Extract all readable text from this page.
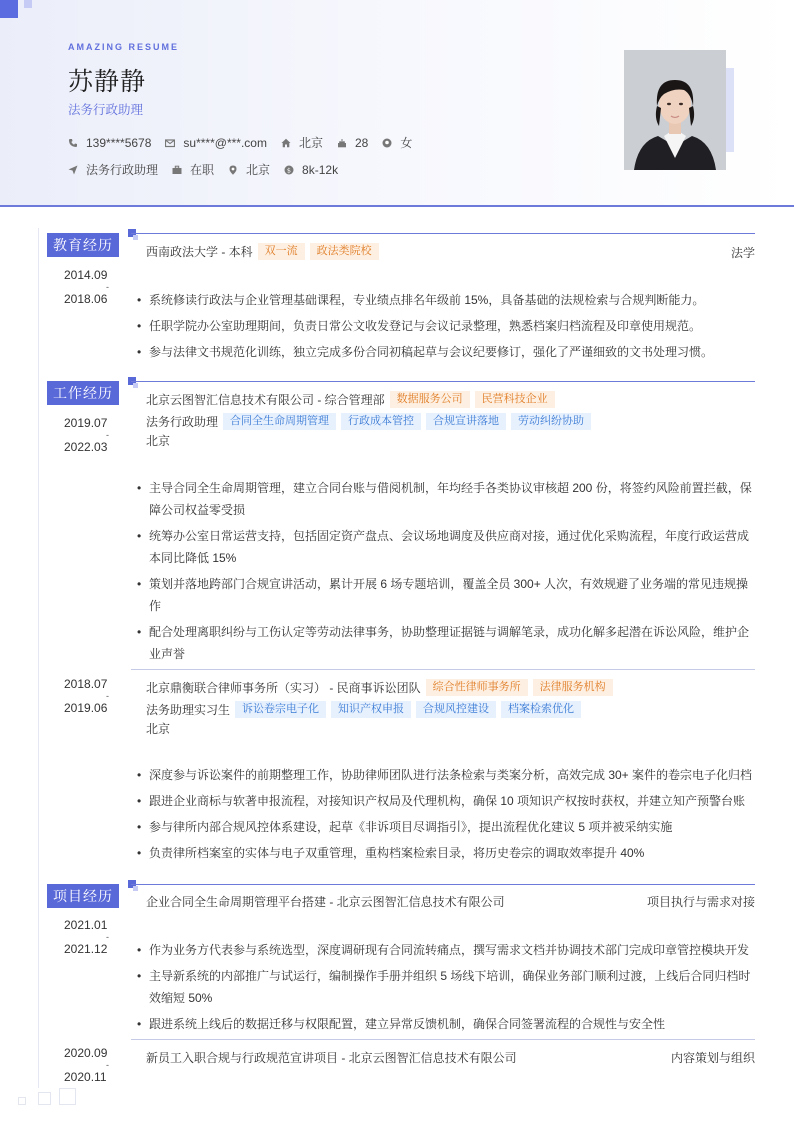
AMAZING RESUME
苏静静
法务行政助理
139****5678	su****@***.com	北京	28	女
法务行政助理	在职	北京	$ 8k-12k
教育经历
2014.09
-
2018.06
西南政法大学 - 本科	双一流	政法类院校	法学
• 系统修读行政法与企业管理基础课程，专业绩点排名年级前 15%，具备基础的法规检索与合规判断能力。
• 任职学院办公室助理期间，负责日常公文收发登记与会议记录整理，熟悉档案归档流程及印章使用规范。
• 参与法律文书规范化训练，独立完成多份合同初稿起草与会议纪要修订，强化了严谨细致的文书处理习惯。
工作经历
2019.07
-
2022.03
北京云图智汇信息技术有限公司 - 综合管理部	数据服务公司	民营科技企业
法务行政助理	合同全生命周期管理	行政成本管控	合规宣讲落地	劳动纠纷协助
北京
• 主导合同全生命周期管理，建立合同台账与借阅机制，年均经手各类协议审核超 200 份，将签约风险前置拦截，保障公司权益零受损
• 统筹办公室日常运营支持，包括固定资产盘点、会议场地调度及供应商对接，通过优化采购流程，年度行政运营成本同比降低 15%
• 策划并落地跨部门合规宣讲活动，累计开展 6 场专题培训，覆盖全员 300+ 人次，有效规避了业务端的常见违规操作
• 配合处理离职纠纷与工伤认定等劳动法律事务，协助整理证据链与调解笔录，成功化解多起潜在诉讼风险，维护企业声誉
2018.07
-
2019.06
北京鼎衡联合律师事务所（实习） - 民商事诉讼团队	综合性律师事务所	法律服务机构
法务助理实习生	诉讼卷宗电子化	知识产权申报	合规风控建设	档案检索优化
北京
• 深度参与诉讼案件的前期整理工作，协助律师团队进行法条检索与类案分析，高效完成 30+ 案件的卷宗电子化归档
• 跟进企业商标与软著申报流程，对接知识产权局及代理机构，确保 10 项知识产权按时获权，并建立知产预警台账
• 参与律所内部合规风控体系建设，起草《非诉项目尽调指引》，提出流程优化建议 5 项并被采纳实施
• 负责律所档案室的实体与电子双重管理，重构档案检索目录，将历史卷宗的调取效率提升 40%
项目经历
2021.01
-
2021.12
企业合同全生命周期管理平台搭建 - 北京云图智汇信息技术有限公司	项目执行与需求对接
• 作为业务方代表参与系统选型，深度调研现有合同流转痛点，撰写需求文档并协调技术部门完成印章管控模块开发
• 主导新系统的内部推广与试运行，编制操作手册并组织 5 场线下培训，确保业务部门顺利过渡，上线后合同归档时效缩短 50%
• 跟进系统上线后的数据迁移与权限配置，建立异常反馈机制，确保合同签署流程的合规性与安全性
2020.09
-
2020.11
新员工入职合规与行政规范宣讲项目 - 北京云图智汇信息技术有限公司	内容策划与组织
